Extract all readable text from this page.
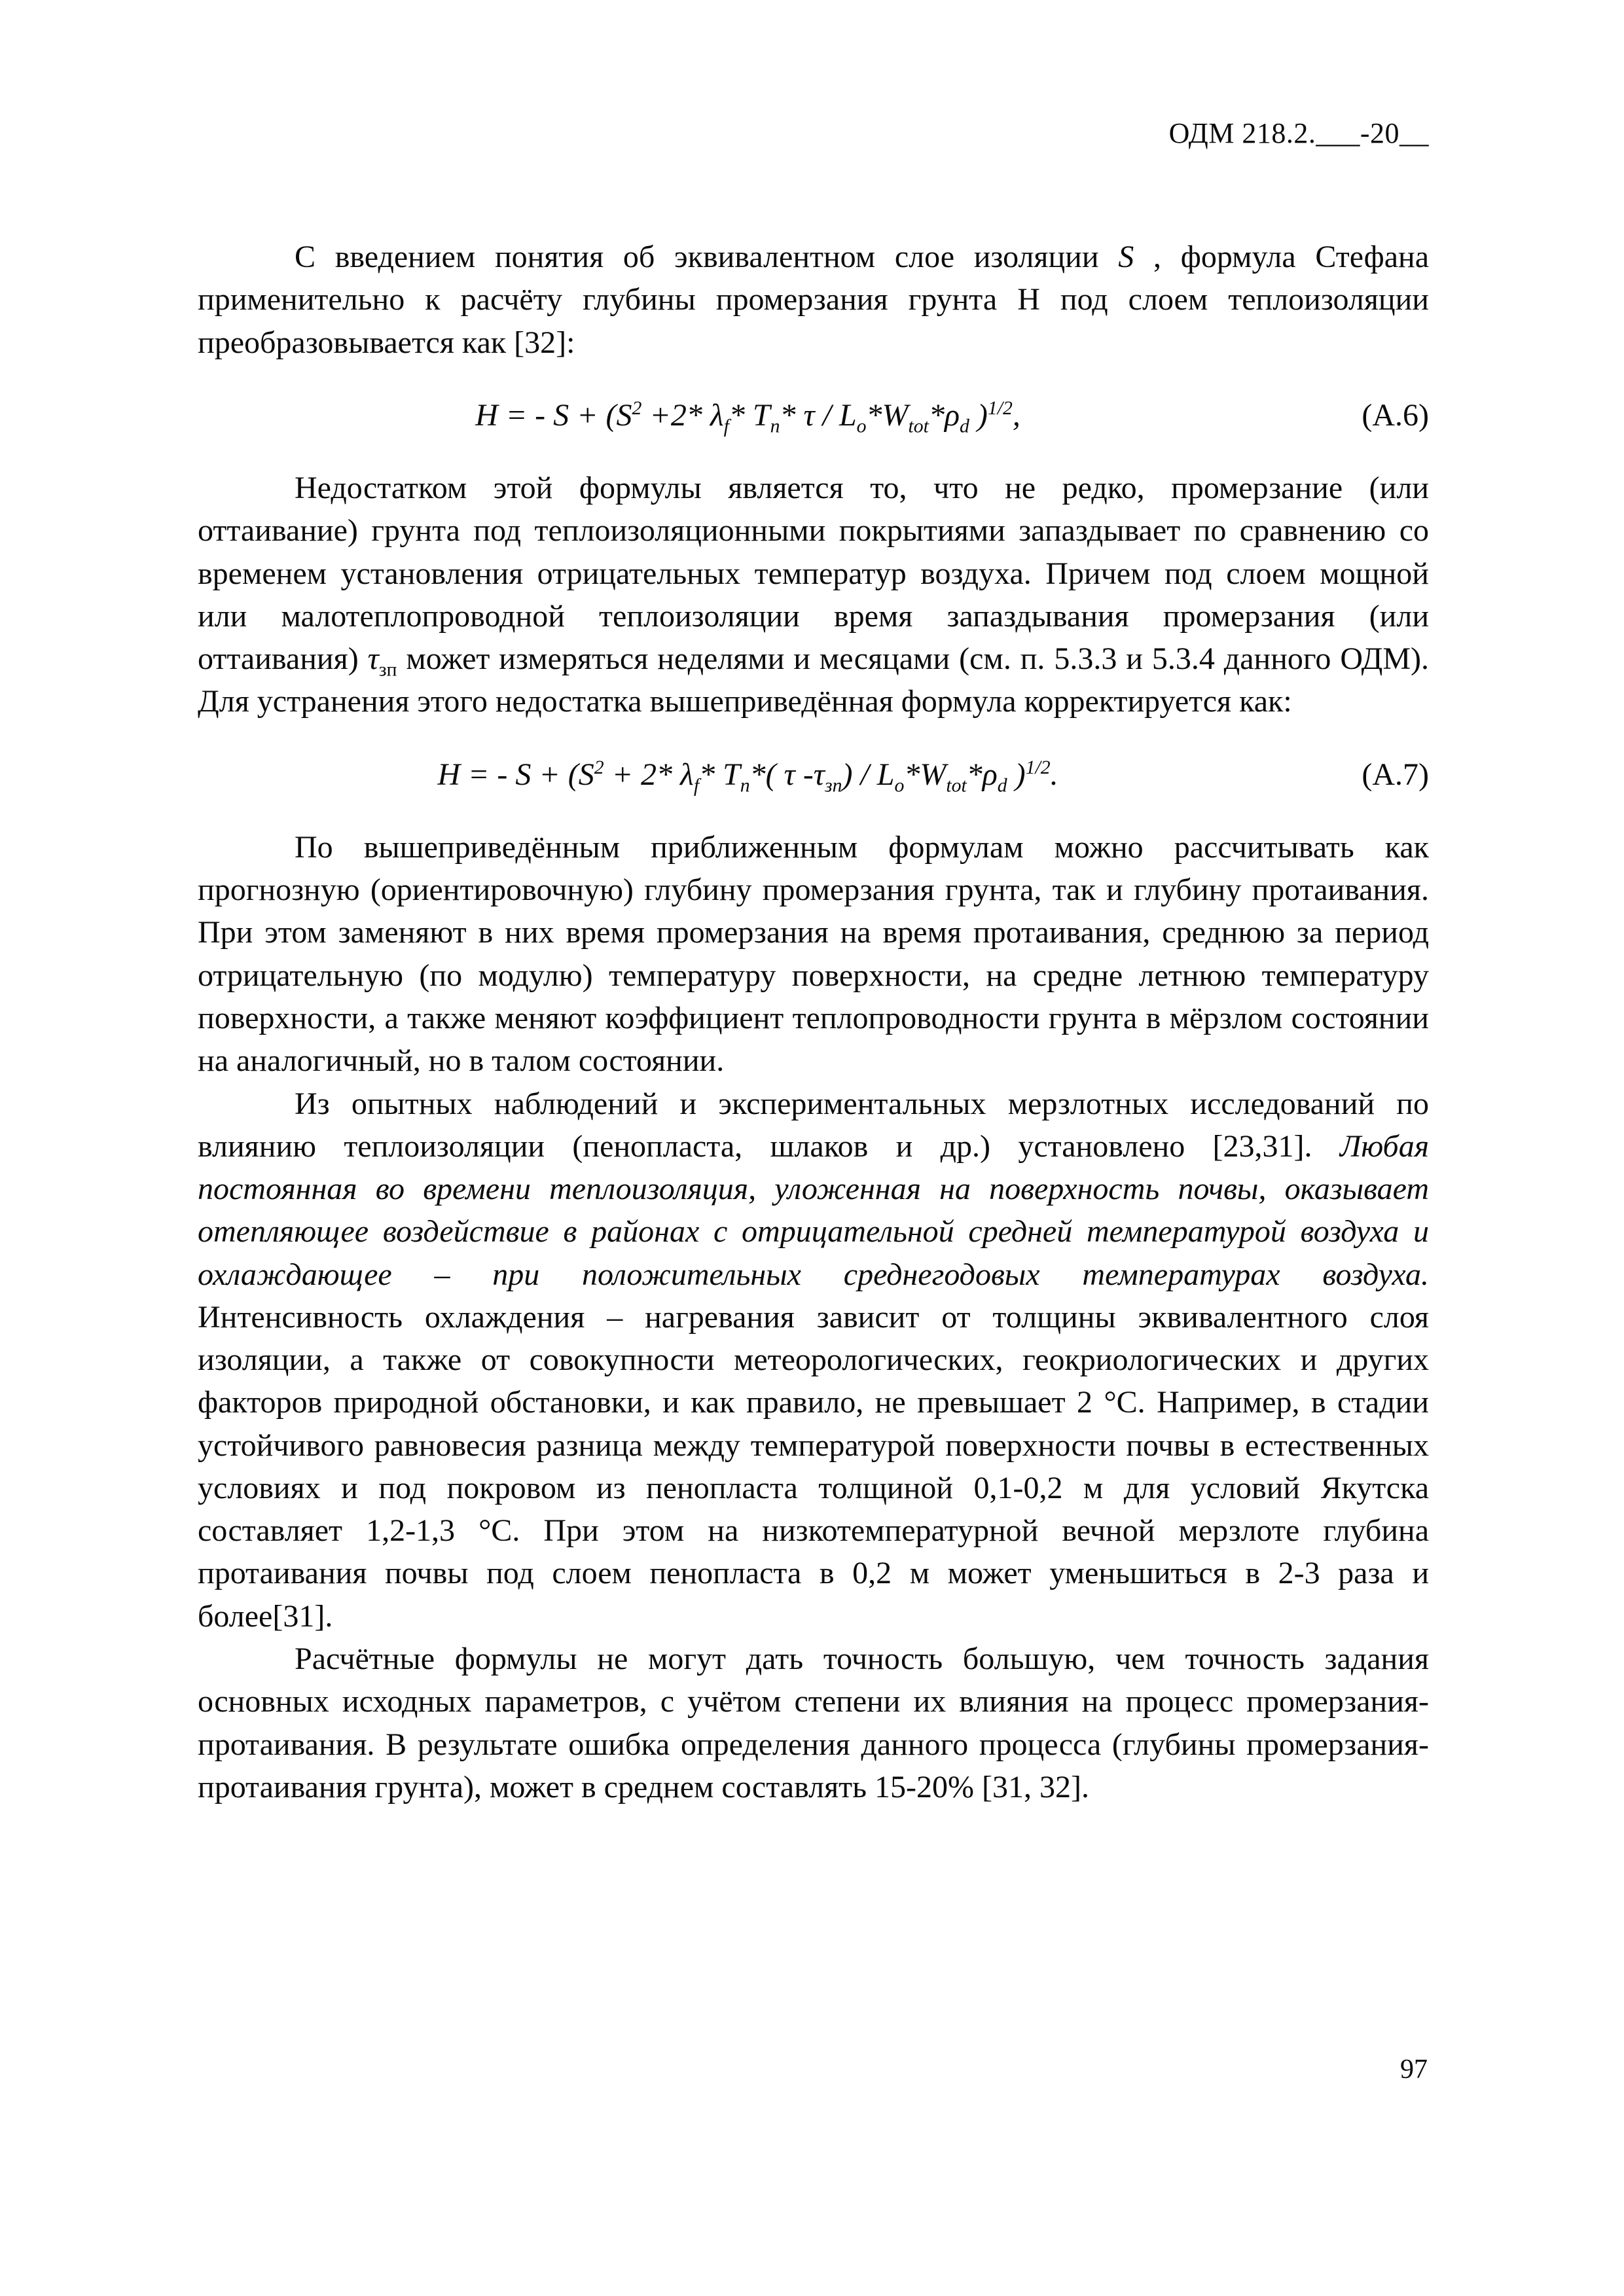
ОДМ 218.2.___-20__

С введением понятия об эквивалентном слое изоляции S , формула Стефана применительно к расчёту глубины промерзания грунта Н под слоем теплоизоляции преобразовывается как [32]:

H = - $S + (S^2 +2*$ $\lambda_f*$ $T_n*$ τ / $L_o*W_{tot}*\rho_d$ )$^{1/2}$,	(А.6)

Недостатком этой формулы является то, что не редко, промерзание (или оттаивание) грунта под теплоизоляционными покрытиями запаздывает по сравнению со временем установления отрицательных температур воздуха. Причем под слоем мощной или малотеплопроводной теплоизоляции время запаздывания промерзания (или оттаивания) $\tau_{зп}$ может измеряться неделями и месяцами (см. п. 5.3.3 и 5.3.4 данного ОДМ). Для устранения этого недостатка вышеприведённая формула корректируется как:

H = - $S + (S^2 + 2*$ $\lambda_f*$ $T_n*$( τ $-\tau_{зп}) / L_o*W_{tot}*\rho_d$ )$^{1/2}$.	(А.7)

По вышеприведённым приближенным формулам можно рассчитывать как прогнозную (ориентировочную) глубину промерзания грунта, так и глубину протаивания. При этом заменяют в них время промерзания на время протаивания, среднюю за период отрицательную (по модулю) температуру поверхности, на средне летнюю температуру поверхности, а также меняют коэффициент теплопроводности грунта в мёрзлом состоянии на аналогичный, но в талом состоянии.

Из опытных наблюдений и экспериментальных мерзлотных исследований по влиянию теплоизоляции (пенопласта, шлаков и др.) установлено [23,31]. Любая постоянная во времени теплоизоляция, уложенная на поверхность почвы, оказывает отепляющее воздействие в районах с отрицательной средней температурой воздуха и охлаждающее – при положительных среднегодовых температурах воздуха. Интенсивность охлаждения – нагревания зависит от толщины эквивалентного слоя изоляции, а также от совокупности метеорологических, геокриологических и других факторов природной обстановки, и как правило, не превышает 2 °С. Например, в стадии устойчивого равновесия разница между температурой поверхности почвы в естественных условиях и под покровом из пенопласта толщиной 0,1-0,2 м для условий Якутска составляет 1,2-1,3 °С. При этом на низкотемпературной вечной мерзлоте глубина протаивания почвы под слоем пенопласта в 0,2 м может уменьшиться в 2-3 раза и более[31].

Расчётные формулы не могут дать точность большую, чем точность задания основных исходных параметров, с учётом степени их влияния на процесс промерзания-протаивания. В результате ошибка определения данного процесса (глубины промерзания-протаивания грунта), может в среднем составлять 15-20% [31, 32].

97
